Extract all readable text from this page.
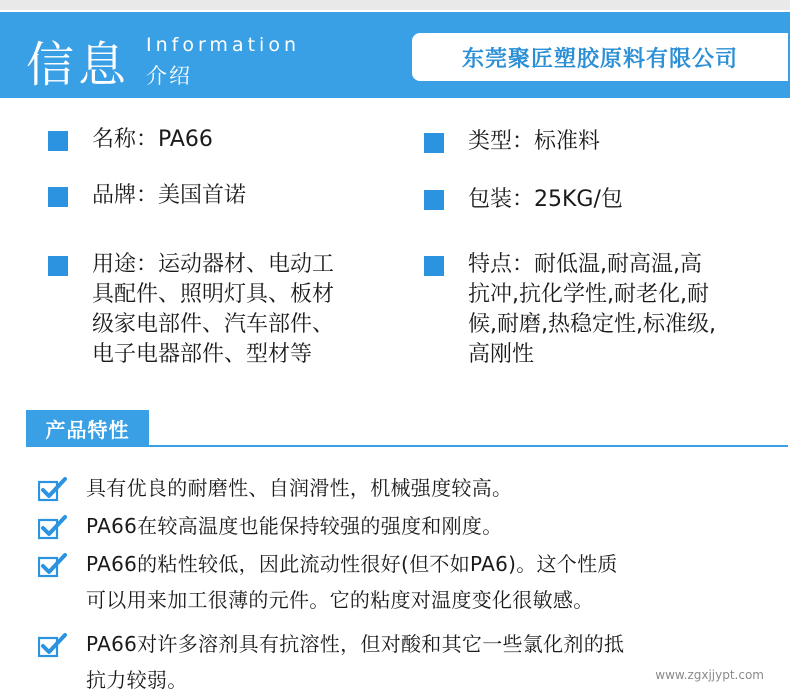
信息 Information
介绍
东莞聚匠塑胶原料有限公司
名称：PA66	类型：标准料
品牌：美国首诺	包装：25KG/包
用途：运动器材、电动工
具配件、照明灯具、板材
级家电部件、汽车部件、
电子电器部件、型材等
特点：耐低温,耐高温,高
抗冲,抗化学性,耐老化,耐
候,耐磨,热稳定性,标准级,
高刚性
产品特性
具有优良的耐磨性、自润滑性，机械强度较高。
PA66在较高温度也能保持较强的强度和刚度。
PA66的粘性较低，因此流动性很好(但不如PA6)。这个性质
可以用来加工很薄的元件。它的粘度对温度变化很敏感。
PA66对许多溶剂具有抗溶性，但对酸和其它一些氯化剂的抵
抗力较弱。	www.zgxjjypt.com
